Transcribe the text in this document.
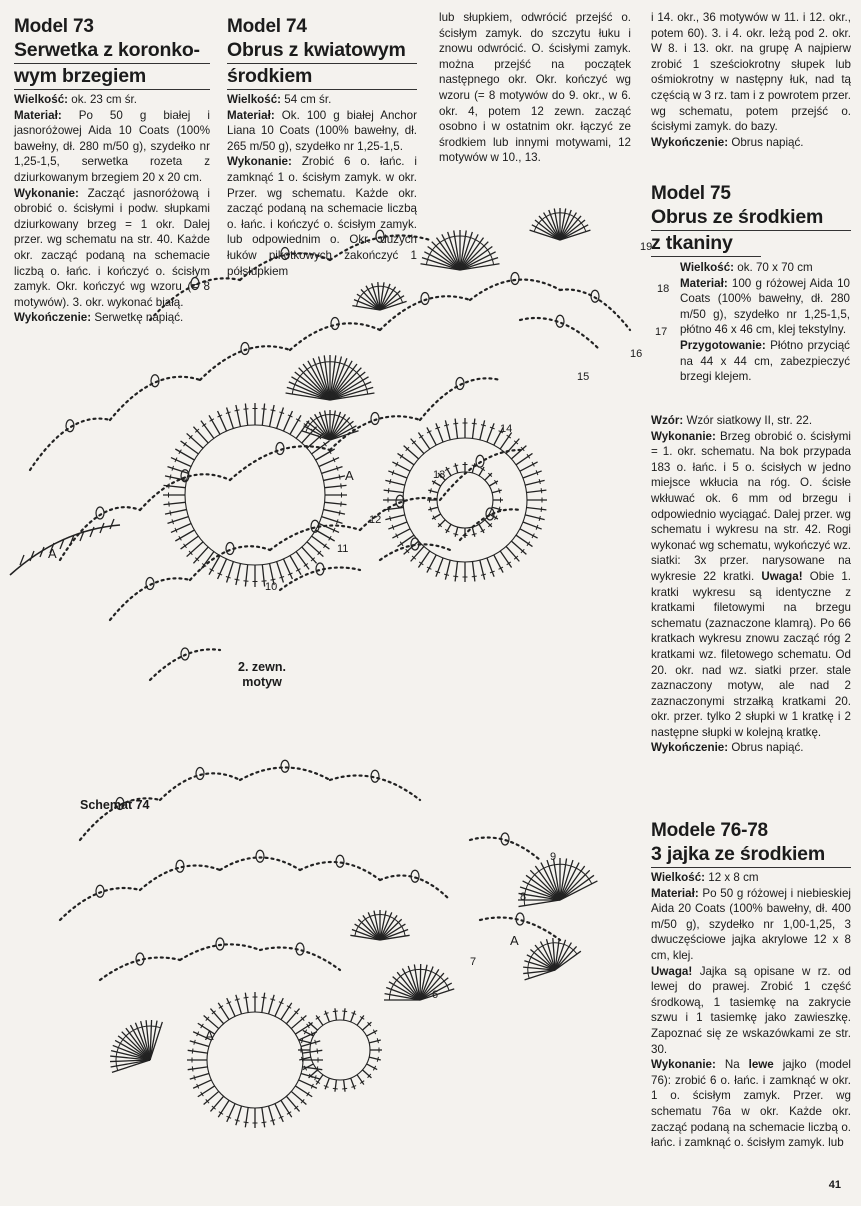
Model 73
Serwetka z koronko-
wym brzegiem

Wielkość: ok. 23 cm śr.

Materiał: Po 50 g białej i jasnoróżowej Aida 10 Coats (100% bawełny, dł. 280 m/50 g), szydełko nr 1,25-1,5, serwetka rozeta z dziurkowanym brzegiem 20 x 20 cm.

Wykonanie: Zacząć jasnoróżową i obrobić o. ścisłymi i podw. słupkami dziurkowany brzeg = 1 okr. Dalej przer. wg schematu na str. 40. Każde okr. zacząć podaną na schemacie liczbą o. łańc. i kończyć o. ścisłym zamyk. Okr. kończyć wg wzoru (= 8 motywów). 3. okr. wykonać białą.

Wykończenie: Serwetkę napiąć.

Model 74
Obrus z kwiatowym
środkiem

Wielkość: 54 cm śr.

Materiał: Ok. 100 g białej Anchor Liana 10 Coats (100% bawełny, dł. 265 m/50 g), szydełko nr 1,25-1,5.

Wykonanie: Zrobić 6 o. łańc. i zamknąć 1 o. ścisłym zamyk. w okr. Przer. wg schematu. Każde okr. zacząć podaną na schemacie liczbą o. łańc. i kończyć o. ścisłym zamyk. lub odpowiednim o. Okr. dużych łuków pikotkowych zakończyć 1 półsłupkiem

lub słupkiem, odwrócić przejść o. ścisłym zamyk. do szczytu łuku i znowu odwrócić. O. ścisłymi zamyk. można przejść na początek następnego okr. Okr. kończyć wg wzoru (= 8 motywów do 9. okr., w 6. okr. 4, potem 12 zewn. zacząć osobno i w ostatnim okr. łączyć ze środkiem lub innymi motywami, 12 motywów w 10., 13.

i 14. okr., 36 motywów w 11. i 12. okr., potem 60). 3. i 4. okr. leżą pod 2. okr. W 8. i 13. okr. na grupę A najpierw zrobić 1 sześciokrotny słupek lub ośmiokrotny w następny łuk, nad tą częścią w 3 rz. tam i z powrotem przer. wg schematu, potem przejść o. ścisłymi zamyk. do bazy.

Wykończenie: Obrus napiąć.

Model 75
Obrus ze środkiem
z tkaniny

Wielkość: ok. 70 x 70 cm

Materiał: 100 g różowej Aida 10 Coats (100% bawełny, dł. 280 m/50 g), szydełko nr 1,25-1,5, płótno 46 x 46 cm, klej tekstylny.

Przygotowanie: Płótno przyciąć na 44 x 44 cm, zabezpieczyć brzegi klejem.

Wzór: Wzór siatkowy II, str. 22.

Wykonanie: Brzeg obrobić o. ścisłymi = 1. okr. schematu. Na bok przypada 183 o. łańc. i 5 o. ścisłych w jedno miejsce wkłucia na róg. O. ścisłe wkłuwać ok. 6 mm od brzegu i odpowiednio wyciągać. Dalej przer. wg schematu i wykresu na str. 42. Rogi wykonać wg schematu, wykończyć wz. siatki: 3x przer. narysowane na wykresie 22 kratki. Uwaga! Obie 1. kratki wykresu są identyczne z kratkami filetowymi na brzegu schematu (zaznaczone klamrą). Po 66 kratkach wykresu znowu zacząć róg 2 kratkami wz. filetowego schematu. Od 20. okr. nad wz. siatki przer. stale zaznaczony motyw, ale nad 2 zaznaczonymi strzałką kratkami 20. okr. przer. tylko 2 słupki w 1 kratkę i 2 następne słupki w kolejną kratkę.

Wykończenie: Obrus napiąć.

Modele 76-78
3 jajka ze środkiem

Wielkość: 12 x 8 cm

Materiał: Po 50 g różowej i niebieskiej Aida 20 Coats (100% bawełny, dł. 400 m/50 g), szydełko nr 1,00-1,25, 3 dwuczęściowe jajka akrylowe 12 x 8 cm, klej.

Uwaga! Jajka są opisane w rz. od lewej do prawej. Zrobić 1 część środkową, 1 tasiemkę na zakrycie szwu i 1 tasiemkę jako zawieszkę. Zapoznać się ze wskazówkami ze str. 30.

Wykonanie: Na lewe jajko (model 76): zrobić 6 o. łańc. i zamknąć w okr. 1 o. ścisłym zamyk. Przer. wg schematu 76a w okr. Każde okr. zacząć podaną na schemacie liczbą o. łańc. i zamknąć o. ścisłym zamyk. lub

10
11
12
13
14
15
16
17
18
19
9
8
6
7
A
A
A
A
2. zewn.
motyw
Schemat 74
41
